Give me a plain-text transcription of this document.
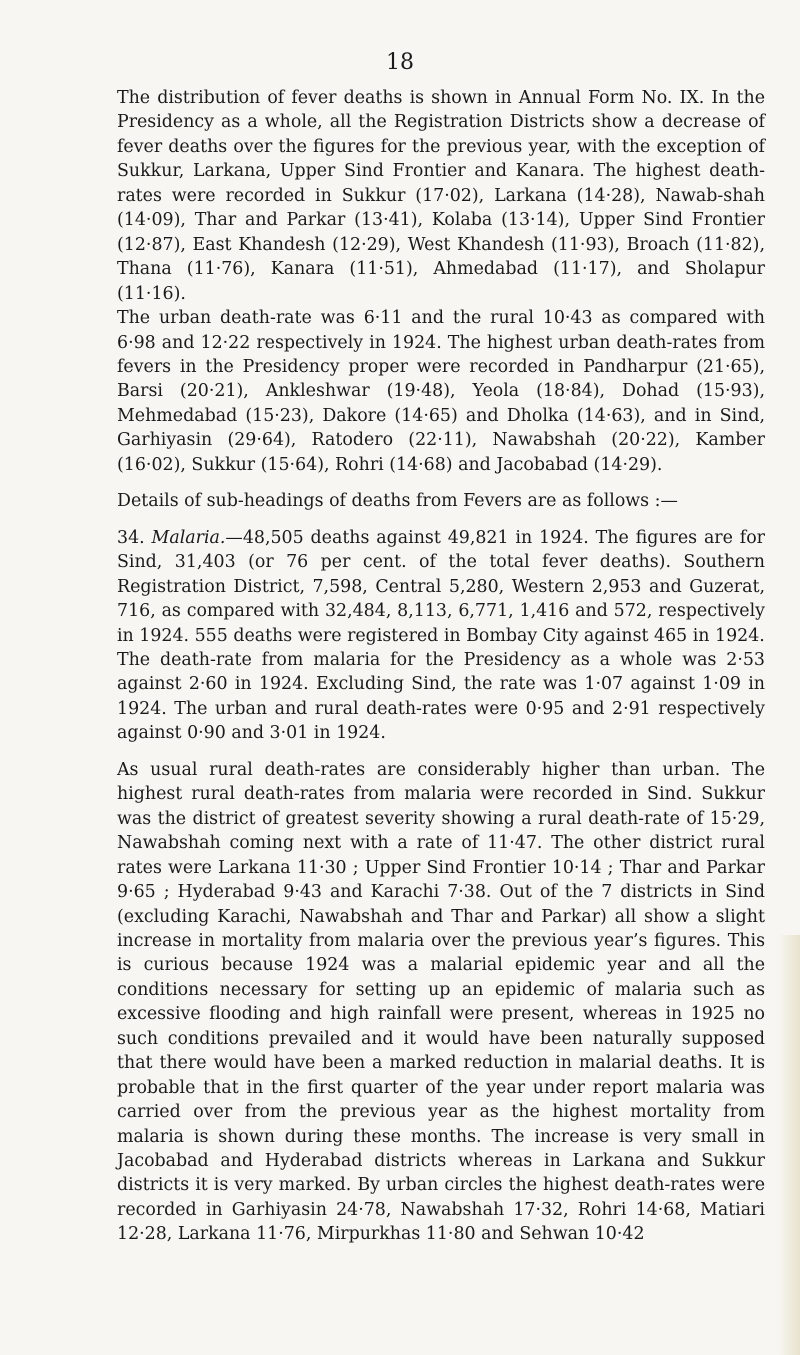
18

The distribution of fever deaths is shown in Annual Form No. IX. In the Presidency as a whole, all the Registration Districts show a decrease of fever deaths over the figures for the previous year, with the exception of Sukkur, Larkana, Upper Sind Frontier and Kanara. The highest death-rates were recorded in Sukkur (17·02), Larkana (14·28), Nawab-shah (14·09), Thar and Parkar (13·41), Kolaba (13·14), Upper Sind Frontier (12·87), East Khandesh (12·29), West Khandesh (11·93), Broach (11·82), Thana (11·76), Kanara (11·51), Ahmedabad (11·17), and Sholapur (11·16).

The urban death-rate was 6·11 and the rural 10·43 as compared with 6·98 and 12·22 respectively in 1924. The highest urban death-rates from fevers in the Presidency proper were recorded in Pandharpur (21·65), Barsi (20·21), Ankleshwar (19·48), Yeola (18·84), Dohad (15·93), Mehmedabad (15·23), Dakore (14·65) and Dholka (14·63), and in Sind, Garhiyasin (29·64), Ratodero (22·11), Nawabshah (20·22), Kamber (16·02), Sukkur (15·64), Rohri (14·68) and Jacobabad (14·29).

Details of sub-headings of deaths from Fevers are as follows :—

34. Malaria.—48,505 deaths against 49,821 in 1924. The figures are for Sind, 31,403 (or 76 per cent. of the total fever deaths). Southern Registration District, 7,598, Central 5,280, Western 2,953 and Guzerat, 716, as compared with 32,484, 8,113, 6,771, 1,416 and 572, respectively in 1924. 555 deaths were registered in Bombay City against 465 in 1924.

The death-rate from malaria for the Presidency as a whole was 2·53 against 2·60 in 1924. Excluding Sind, the rate was 1·07 against 1·09 in 1924. The urban and rural death-rates were 0·95 and 2·91 respectively against 0·90 and 3·01 in 1924.

As usual rural death-rates are considerably higher than urban. The highest rural death-rates from malaria were recorded in Sind. Sukkur was the district of greatest severity showing a rural death-rate of 15·29, Nawabshah coming next with a rate of 11·47. The other district rural rates were Larkana 11·30 ; Upper Sind Frontier 10·14 ; Thar and Parkar 9·65 ; Hyderabad 9·43 and Karachi 7·38. Out of the 7 districts in Sind (excluding Karachi, Nawabshah and Thar and Parkar) all show a slight increase in mortality from malaria over the previous year’s figures. This is curious because 1924 was a malarial epidemic year and all the conditions necessary for setting up an epidemic of malaria such as excessive flooding and high rainfall were present, whereas in 1925 no such conditions prevailed and it would have been naturally supposed that there would have been a marked reduction in malarial deaths. It is probable that in the first quarter of the year under report malaria was carried over from the previous year as the highest mortality from malaria is shown during these months. The increase is very small in Jacobabad and Hyderabad districts whereas in Larkana and Sukkur districts it is very marked. By urban circles the highest death-rates were recorded in Garhiyasin 24·78, Nawabshah 17·32, Rohri 14·68, Matiari 12·28, Larkana 11·76, Mirpurkhas 11·80 and Sehwan 10·42
